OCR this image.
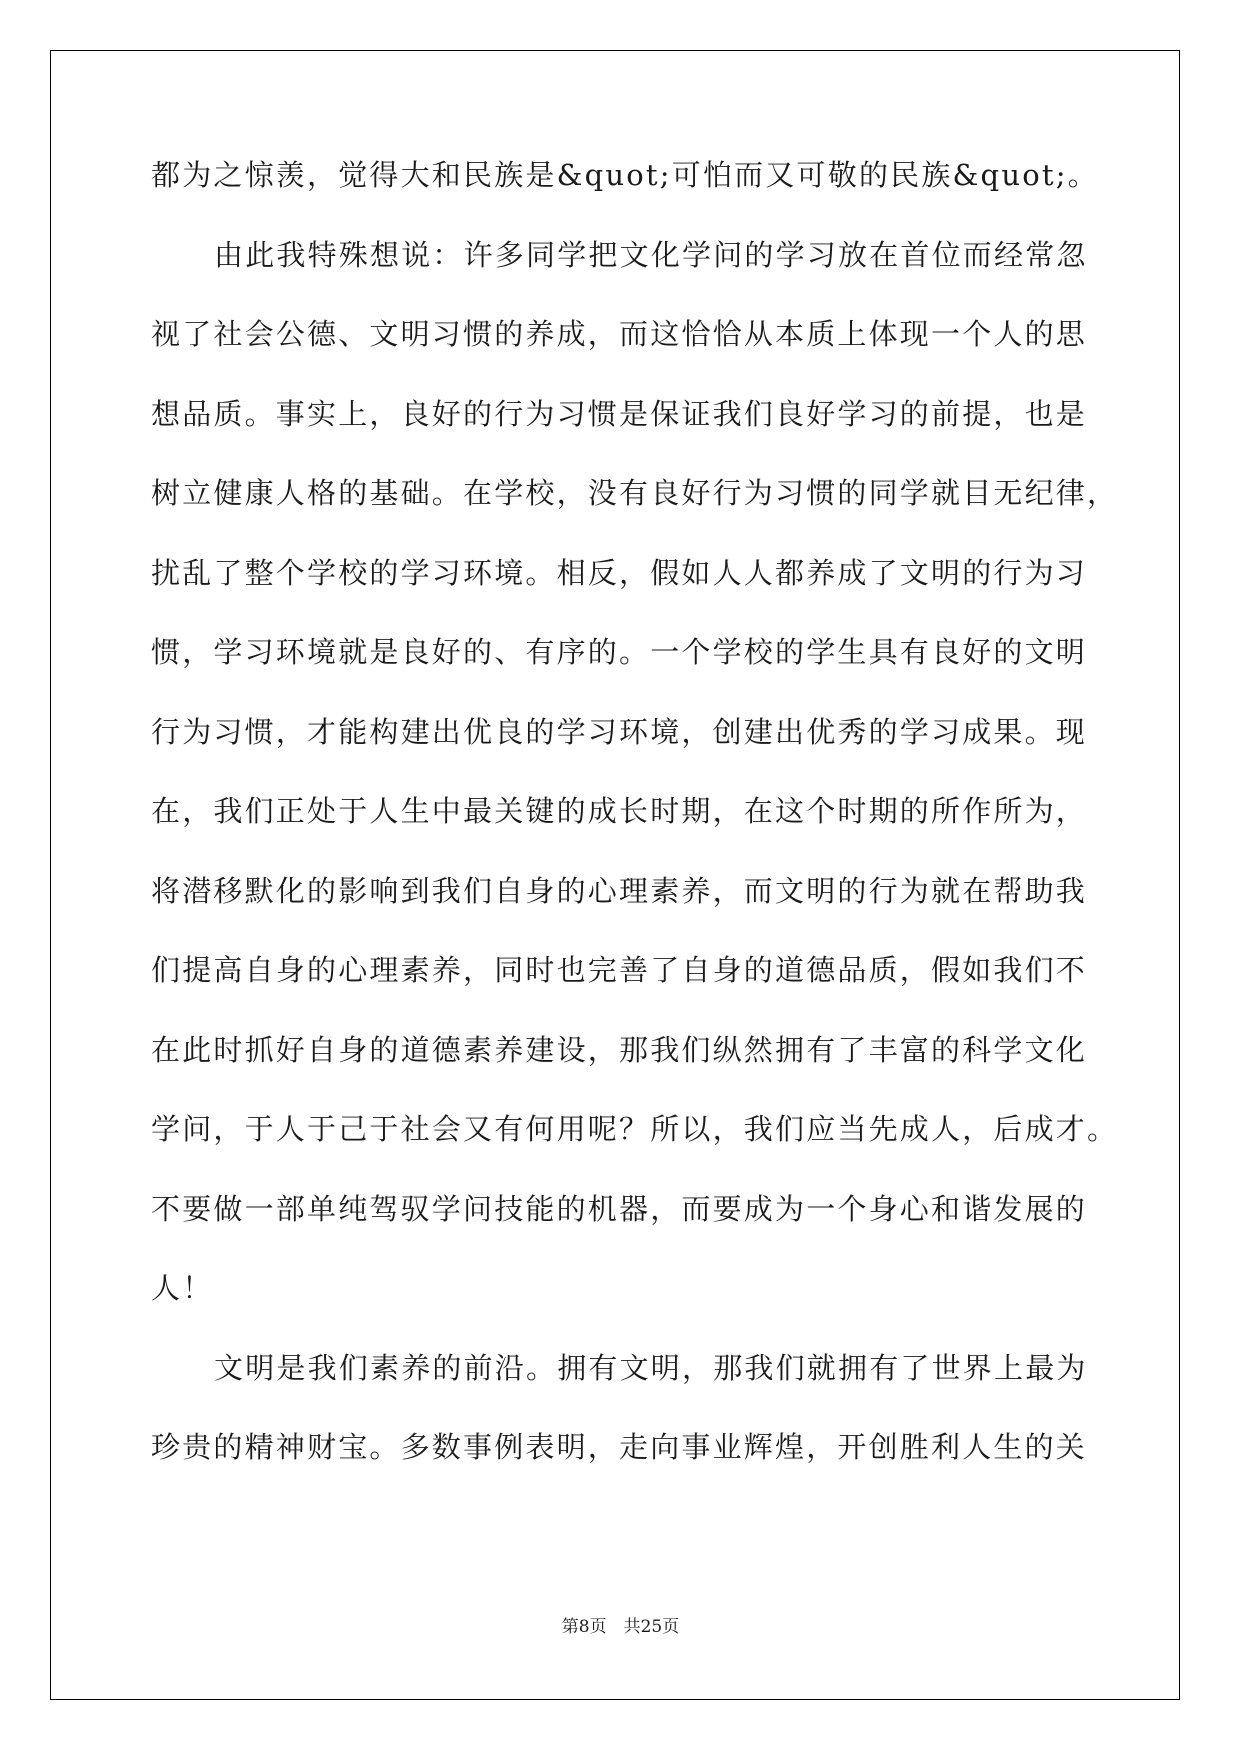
都为之惊羡，觉得大和民族是&quot;可怕而又可敬的民族&quot;。
由此我特殊想说：许多同学把文化学问的学习放在首位而经常忽
视了社会公德、文明习惯的养成，而这恰恰从本质上体现一个人的思
想品质。事实上，良好的行为习惯是保证我们良好学习的前提，也是
树立健康人格的基础。在学校，没有良好行为习惯的同学就目无纪律，
扰乱了整个学校的学习环境。相反，假如人人都养成了文明的行为习
惯，学习环境就是良好的、有序的。一个学校的学生具有良好的文明
行为习惯，才能构建出优良的学习环境，创建出优秀的学习成果。现
在，我们正处于人生中最关键的成长时期，在这个时期的所作所为，
将潜移默化的影响到我们自身的心理素养，而文明的行为就在帮助我
们提高自身的心理素养，同时也完善了自身的道德品质，假如我们不
在此时抓好自身的道德素养建设，那我们纵然拥有了丰富的科学文化
学问，于人于己于社会又有何用呢？所以，我们应当先成人，后成才。
不要做一部单纯驾驭学问技能的机器，而要成为一个身心和谐发展的
人！
文明是我们素养的前沿。拥有文明，那我们就拥有了世界上最为
珍贵的精神财宝。多数事例表明，走向事业辉煌，开创胜利人生的关
第8页　共25页
